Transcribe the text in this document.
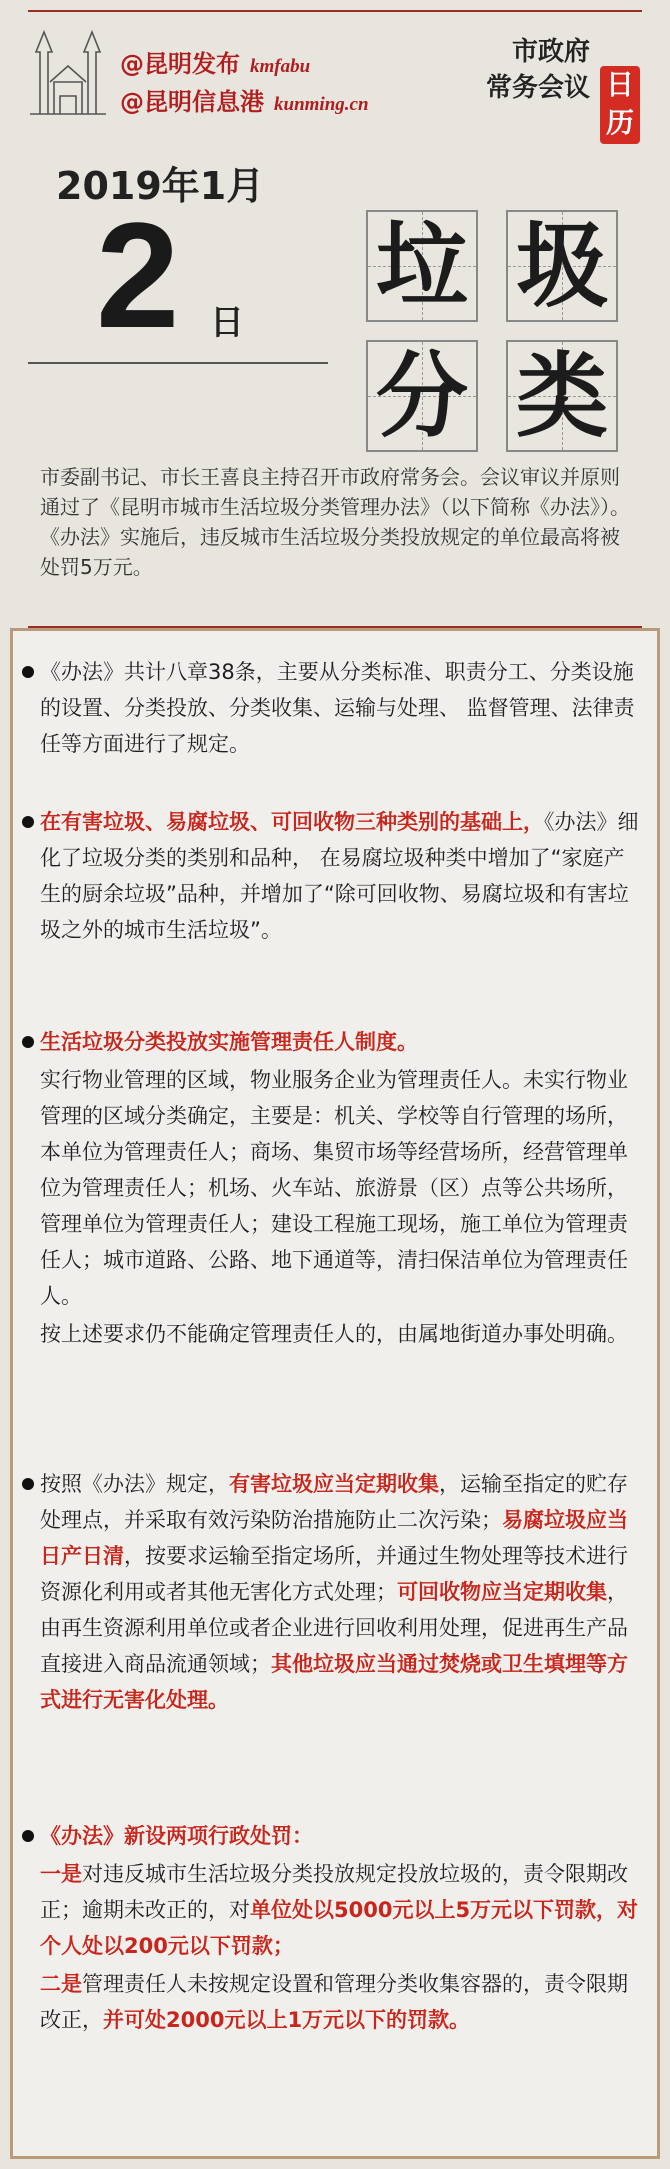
@昆明发布 kmfabu
@昆明信息港 kunming.cn
市政府
常务会议 日
历
2019年1月
2 日
垃 圾
分 类
市委副书记、市长王喜良主持召开市政府常务会。会议审议并原则通过了《昆明市城市生活垃圾分类管理办法》（以下简称《办法》）。《办法》实施后，违反城市生活垃圾分类投放规定的单位最高将被处罚5万元。

《办法》共计八章38条，主要从分类标准、职责分工、分类设施的设置、分类投放、分类收集、运输与处理、 监督管理、法律责任等方面进行了规定。

在有害垃圾、易腐垃圾、可回收物三种类别的基础上，《办法》细化了垃圾分类的类别和品种， 在易腐垃圾种类中增加了“家庭产生的厨余垃圾”品种，并增加了“除可回收物、易腐垃圾和有害垃圾之外的城市生活垃圾”。

生活垃圾分类投放实施管理责任人制度。

实行物业管理的区域，物业服务企业为管理责任人。未实行物业管理的区域分类确定，主要是：机关、学校等自行管理的场所，本单位为管理责任人；商场、集贸市场等经营场所，经营管理单位为管理责任人；机场、火车站、旅游景（区）点等公共场所，管理单位为管理责任人；建设工程施工现场，施工单位为管理责任人；城市道路、公路、地下通道等，清扫保洁单位为管理责任人。

按上述要求仍不能确定管理责任人的，由属地街道办事处明确。

按照《办法》规定，有害垃圾应当定期收集，运输至指定的贮存处理点，并采取有效污染防治措施防止二次污染；易腐垃圾应当日产日清，按要求运输至指定场所，并通过生物处理等技术进行资源化利用或者其他无害化方式处理；可回收物应当定期收集，由再生资源利用单位或者企业进行回收利用处理，促进再生产品直接进入商品流通领域；其他垃圾应当通过焚烧或卫生填埋等方式进行无害化处理。

《办法》新设两项行政处罚：

一是对违反城市生活垃圾分类投放规定投放垃圾的，责令限期改正；逾期未改正的，对单位处以5000元以上5万元以下罚款，对个人处以200元以下罚款；

二是管理责任人未按规定设置和管理分类收集容器的，责令限期改正，并可处2000元以上1万元以下的罚款。
